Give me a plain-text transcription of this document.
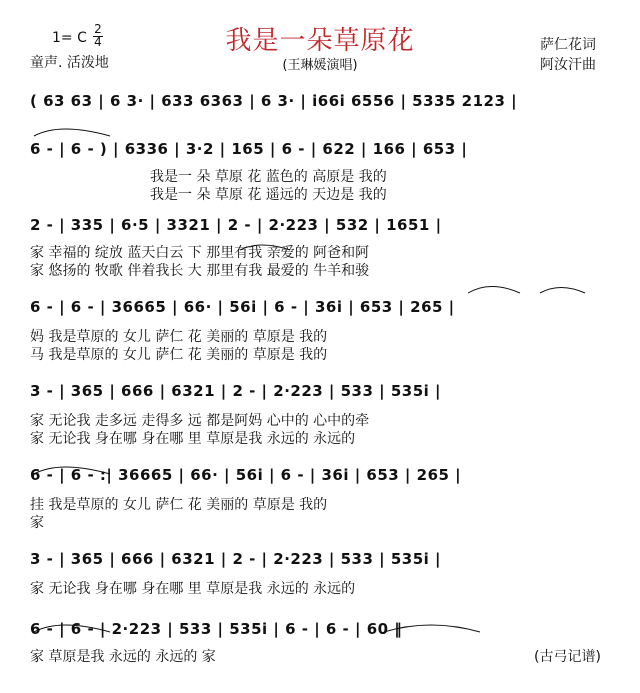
1= C
2
4
童声. 活泼地
我是一朵草原花
(王琳媛演唱)
萨仁花词
阿汝汗曲
( 63 63 | 6 3· | 633 6363 | 6 3· | i66i 6556 | 5335 2123 |
6 - | 6 - ) | 6336 | 3·2 | 165 | 6 - | 622 | 166 | 653 |
我是一 朵 草原 花 蓝色的 高原是 我的
我是一 朵 草原 花 遥远的 天边是 我的
2 - | 335 | 6·5 | 3321 | 2 - | 2·223 | 532 | 1651 |
家 幸福的 绽放 蓝天白云 下 那里有我 亲爱的 阿爸和阿
家 悠扬的 牧歌 伴着我长 大 那里有我 最爱的 牛羊和骏
6 - | 6 - | 36665 | 66· | 56i | 6 - | 36i | 653 | 265 |
妈 我是草原的 女儿 萨仁 花 美丽的 草原是 我的
马 我是草原的 女儿 萨仁 花 美丽的 草原是 我的
3 - | 365 | 666 | 6321 | 2 - | 2·223 | 533 | 535i |
家 无论我 走多远 走得多 远 都是阿妈 心中的 心中的牵
家 无论我 身在哪 身在哪 里 草原是我 永远的 永远的
6 - | 6 - :| 36665 | 66· | 56i | 6 - | 36i | 653 | 265 |
挂 我是草原的 女儿 萨仁 花 美丽的 草原是 我的
家
3 - | 365 | 666 | 6321 | 2 - | 2·223 | 533 | 535i |
家 无论我 身在哪 身在哪 里 草原是我 永远的 永远的
6 - | 6 - | 2·223 | 533 | 535i | 6 - | 6 - | 60 ‖
家 草原是我 永远的 永远的 家	(古弓记谱)
